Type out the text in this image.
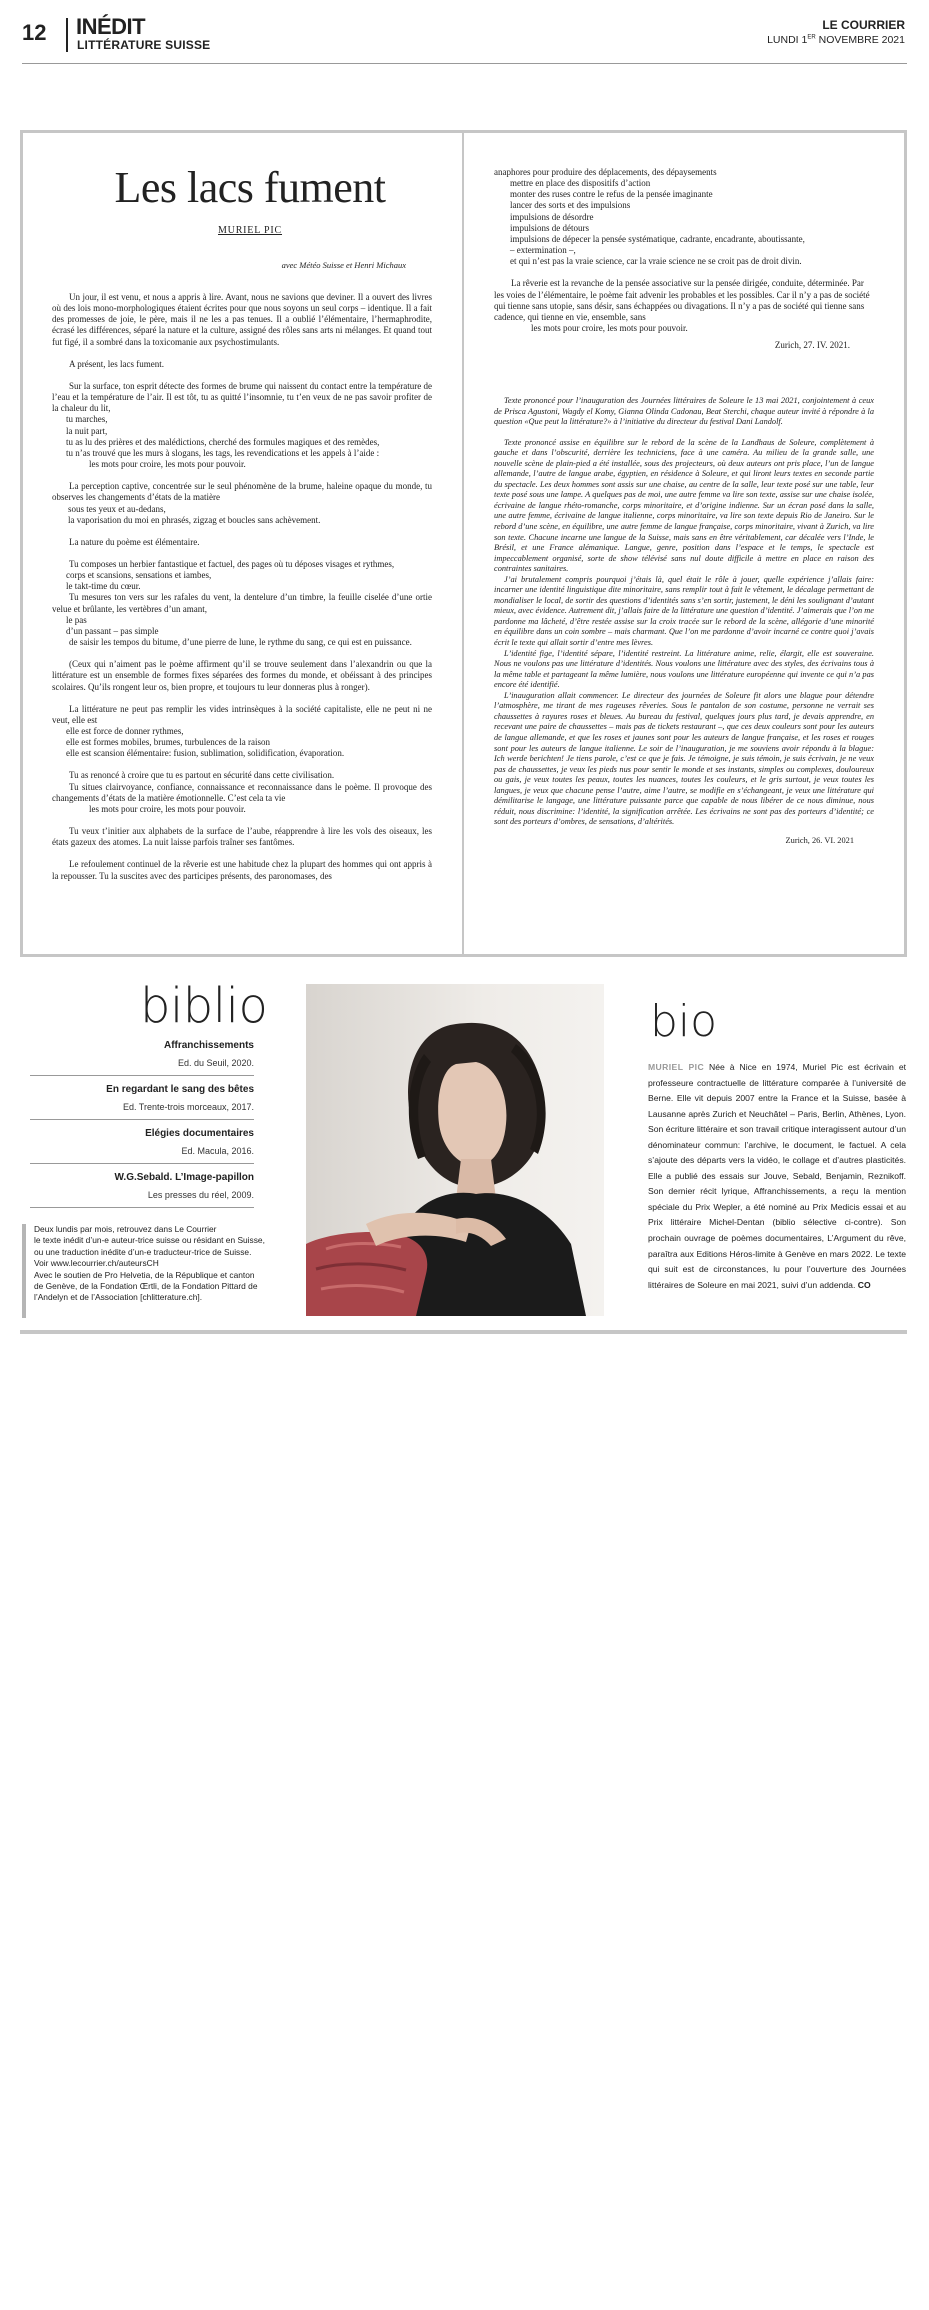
12 INÉDIT
LITTÉRATURE SUISSE
LE COURRIER
LUNDI 1ER NOVEMBRE 2021
Les lacs fument
MURIEL PIC
avec Météo Suisse et Henri Michaux

Un jour, il est venu, et nous a appris à lire. Avant, nous ne savions que deviner. Il a ouvert des livres où des lois mono-morphologiques étaient écrites pour que nous soyons un seul corps – identique. Il a fait des promesses de joie, le père, mais il ne les a pas tenues. Il a oublié l’élémentaire, l’hermaphrodite, écrasé les différences, séparé la nature et la culture, assigné des rôles sans arts ni mélanges. Et quand tout fut figé, il a sombré dans la toxicomanie aux psychostimulants.

A présent, les lacs fument.

Sur la surface, ton esprit détecte des formes de brume qui naissent du contact entre la température de l’eau et la température de l’air. Il est tôt, tu as quitté l’insomnie, tu t’en veux de ne pas savoir profiter de la chaleur du lit,

tu marches,

la nuit part,

tu as lu des prières et des malédictions, cherché des formules magiques et des remèdes,

tu n’as trouvé que les murs à slogans, les tags, les revendications et les appels à l’aide :

les mots pour croire, les mots pour pouvoir.

La perception captive, concentrée sur le seul phénomène de la brume, haleine opaque du monde, tu observes les changements d’états de la matière

sous tes yeux et au-dedans,

la vaporisation du moi en phrasés, zigzag et boucles sans achèvement.

La nature du poème est élémentaire.

Tu composes un herbier fantastique et factuel, des pages où tu déposes visages et rythmes,

corps et scansions, sensations et iambes,

le takt-time du cœur.

Tu mesures ton vers sur les rafales du vent, la dentelure d’un timbre, la feuille ciselée d’une ortie velue et brûlante, les vertèbres d’un amant,

le pas

d’un passant – pas simple

de saisir les tempos du bitume, d’une pierre de lune, le rythme du sang, ce qui est en puissance.

(Ceux qui n’aiment pas le poème affirment qu’il se trouve seulement dans l’alexandrin ou que la littérature est un ensemble de formes fixes séparées des formes du monde, et obéissant à des principes scolaires. Qu’ils rongent leur os, bien propre, et toujours tu leur donneras plus à ronger).

La littérature ne peut pas remplir les vides intrinsèques à la société capitaliste, elle ne peut ni ne veut, elle est

elle est force de donner rythmes,

elle est formes mobiles, brumes, turbulences de la raison

elle est scansion élémentaire: fusion, sublimation, solidification, évaporation.

Tu as renoncé à croire que tu es partout en sécurité dans cette civilisation.

Tu situes clairvoyance, confiance, connaissance et reconnaissance dans le poème. Il provoque des changements d’états de la matière émotionnelle. C’est cela ta vie

les mots pour croire, les mots pour pouvoir.

Tu veux t’initier aux alphabets de la surface de l’aube, réapprendre à lire les vols des oiseaux, les états gazeux des atomes. La nuit laisse parfois traîner ses fantômes.

Le refoulement continuel de la rêverie est une habitude chez la plupart des hommes qui ont appris à la repousser. Tu la suscites avec des participes présents, des paronomases, des

anaphores pour produire des déplacements, des dépaysements

mettre en place des dispositifs d’action

monter des ruses contre le refus de la pensée imaginante

lancer des sorts et des impulsions

impulsions de désordre

impulsions de détours

impulsions de dépecer la pensée systématique, cadrante, encadrante, aboutissante,

– extermination –,

et qui n’est pas la vraie science, car la vraie science ne se croit pas de droit divin.

La rêverie est la revanche de la pensée associative sur la pensée dirigée, conduite, déterminée. Par les voies de l’élémentaire, le poème fait advenir les probables et les possibles. Car il n’y a pas de société qui tienne sans utopie, sans désir, sans échappées ou divagations. Il n’y a pas de société qui tienne sans cadence, qui tienne en vie, ensemble, sans

les mots pour croire, les mots pour pouvoir.

Zurich, 27. IV. 2021.

Texte prononcé pour l’inauguration des Journées littéraires de Soleure le 13 mai 2021, conjointement à ceux de Prisca Agustoni, Wagdy el Komy, Gianna Olinda Cadonau, Beat Sterchi, chaque auteur invité à répondre à la question «Que peut la littérature?» à l’initiative du directeur du festival Dani Landolf.

Texte prononcé assise en équilibre sur le rebord de la scène de la Landhaus de Soleure, complètement à gauche et dans l’obscurité, derrière les techniciens, face à une caméra. Au milieu de la grande salle, une nouvelle scène de plain-pied a été installée, sous des projecteurs, où deux auteurs ont pris place, l’un de langue allemande, l’autre de langue arabe, égyptien, en résidence à Soleure, et qui liront leurs textes en seconde partie du spectacle. Les deux hommes sont assis sur une chaise, au centre de la salle, leur texte posé sur une table, leur texte posé sous une lampe. A quelques pas de moi, une autre femme va lire son texte, assise sur une chaise isolée, écrivaine de langue rhéto-romanche, corps minoritaire, et d’origine indienne. Sur un écran posé dans la salle, une autre femme, écrivaine de langue italienne, corps minoritaire, va lire son texte depuis Rio de Janeiro. Sur le rebord d’une scène, en équilibre, une autre femme de langue française, corps minoritaire, vivant à Zurich, va lire son texte. Chacune incarne une langue de la Suisse, mais sans en être véritablement, car décalée vers l’Inde, le Brésil, et une France alémanique. Langue, genre, position dans l’espace et le temps, le spectacle est impeccablement organisé, sorte de show télévisé sans nul doute difficile à mettre en place en raison des contraintes sanitaires.

J’ai brutalement compris pourquoi j’étais là, quel était le rôle à jouer, quelle expérience j’allais faire: incarner une identité linguistique dite minoritaire, sans remplir tout à fait le vêtement, le décalage permettant de mondialiser le local, de sortir des questions d’identités sans s’en sortir, justement, le déni les soulignant d’autant mieux, avec évidence. Autrement dit, j’allais faire de la littérature une question d’identité. J’aimerais que l’on me pardonne ma lâcheté, d’être restée assise sur la croix tracée sur le rebord de la scène, allégorie d’une minorité en équilibre dans un coin sombre – mais charmant. Que l’on me pardonne d’avoir incarné ce contre quoi j’avais écrit le texte qui allait sortir d’entre mes lèvres.

L’identité fige, l’identité sépare, l’identité restreint. La littérature anime, relie, élargit, elle est souveraine. Nous ne voulons pas une littérature d’identités. Nous voulons une littérature avec des styles, des écrivains tous à la même table et partageant la même lumière, nous voulons une littérature européenne qui invente ce qui n’a pas encore été identifié.

L’inauguration allait commencer. Le directeur des journées de Soleure fit alors une blague pour détendre l’atmosphère, me tirant de mes rageuses rêveries. Sous le pantalon de son costume, personne ne verrait ses chaussettes à rayures roses et bleues. Au bureau du festival, quelques jours plus tard, je devais apprendre, en recevant une paire de chaussettes – mais pas de tickets restaurant –, que ces deux couleurs sont pour les auteurs de langue allemande, et que les roses et jaunes sont pour les auteurs de langue française, et les roses et rouges sont pour les auteurs de langue italienne. Le soir de l’inauguration, je me souviens avoir répondu à la blague: Ich werde berichten! Je tiens parole, c’est ce que je fais. Je témoigne, je suis témoin, je suis écrivain, je ne veux pas de chaussettes, je veux les pieds nus pour sentir le monde et ses instants, simples ou complexes, douloureux ou gais, je veux toutes les peaux, toutes les nuances, toutes les couleurs, et le gris surtout, je veux toutes les langues, je veux que chacune pense l’autre, aime l’autre, se modifie en s’échangeant, je veux une littérature qui démilitarise le langage, une littérature puissante parce que capable de nous libérer de ce nous diminue, nous réduit, nous discrimine: l’identité, la signification arrêtée. Les écrivains ne sont pas des porteurs d’identité; ce sont des porteurs d’ombres, de sensations, d’altérités.

Zurich, 26. VI. 2021

biblio
Affranchissements
Ed. du Seuil, 2020.
En regardant le sang des bêtes
Ed. Trente-trois morceaux, 2017.
Elégies documentaires
Ed. Macula, 2016.
W.G.Sebald. L’Image-papillon
Les presses du réel, 2009.
Deux lundis par mois, retrouvez dans Le Courrier
le texte inédit d’un-e auteur-trice suisse ou résidant en Suisse,
ou une traduction inédite d’un-e traducteur-trice de Suisse.
Voir www.lecourrier.ch/auteursCH
Avec le soutien de Pro Helvetia, de la République et canton
de Genève, de la Fondation Œrtli, de la Fondation Pittard de
l’Andelyn et de l’Association [chlitterature.ch].
PHOTO EMMANUELLE MARCHADOUR
bio
MURIEL PIC Née à Nice en 1974, Muriel Pic est écrivain et professeure contractuelle de littérature comparée à l’université de Berne. Elle vit depuis 2007 entre la France et la Suisse, basée à Lausanne après Zurich et Neuchâtel – Paris, Berlin, Athènes, Lyon. Son écriture littéraire et son travail critique interagissent autour d’un dénominateur commun: l’archive, le document, le factuel. A cela s’ajoute des départs vers la vidéo, le collage et d’autres plasticités. Elle a publié des essais sur Jouve, Sebald, Benjamin, Reznikoff. Son dernier récit lyrique, Affranchissements, a reçu la mention spéciale du Prix Wepler, a été nominé au Prix Medicis essai et au Prix littéraire Michel-Dentan (biblio sélective ci-contre). Son prochain ouvrage de poèmes documentaires, L’Argument du rêve, paraîtra aux Editions Héros-limite à Genève en mars 2022. Le texte qui suit est de circonstances, lu pour l’ouverture des Journées littéraires de Soleure en mai 2021, suivi d’un addenda. CO
